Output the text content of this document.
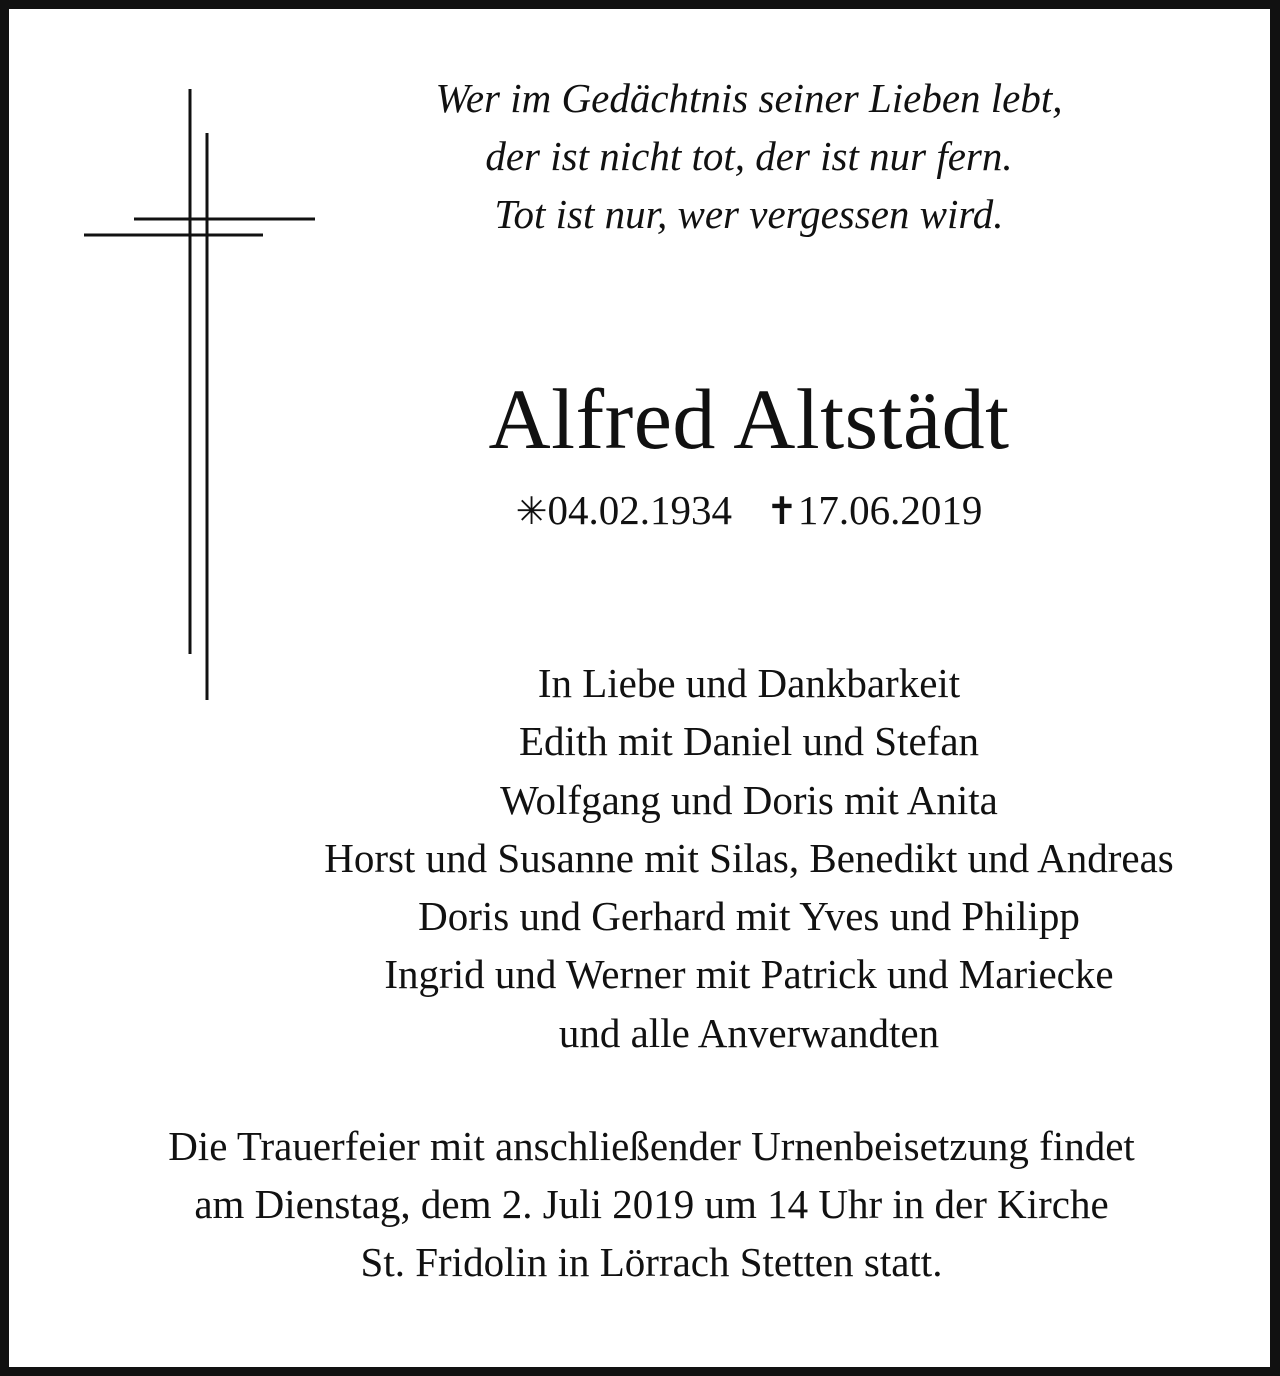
Wer im Gedächtnis seiner Lieben lebt,
der ist nicht tot, der ist nur fern.
Tot ist nur, wer vergessen wird.
Alfred Altstädt
✳04.02.1934 ✝17.06.2019
In Liebe und Dankbarkeit
Edith mit Daniel und Stefan
Wolfgang und Doris mit Anita
Horst und Susanne mit Silas, Benedikt und Andreas
Doris und Gerhard mit Yves und Philipp
Ingrid und Werner mit Patrick und Mariecke
und alle Anverwandten
Die Trauerfeier mit anschließender Urnenbeisetzung findet
am Dienstag, dem 2. Juli 2019 um 14 Uhr in der Kirche
St. Fridolin in Lörrach Stetten statt.
